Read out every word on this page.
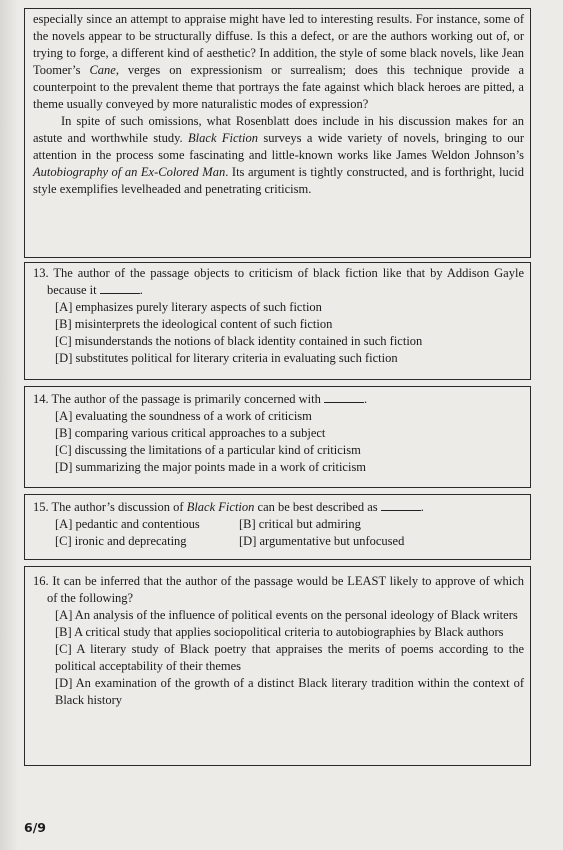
especially since an attempt to appraise might have led to interesting results. For instance, some of the novels appear to be structurally diffuse. Is this a defect, or are the authors working out of, or trying to forge, a different kind of aesthetic? In addition, the style of some black novels, like Jean Toomer’s Cane, verges on expressionism or surrealism; does this technique provide a counterpoint to the prevalent theme that portrays the fate against which black heroes are pitted, a theme usually conveyed by more naturalistic modes of expression?

In spite of such omissions, what Rosenblatt does include in his discussion makes for an astute and worthwhile study. Black Fiction surveys a wide variety of novels, bringing to our attention in the process some fascinating and little-known works like James Weldon Johnson’s Autobiography of an Ex-Colored Man. Its argument is tightly constructed, and is forthright, lucid style exemplifies levelheaded and penetrating criticism.

13. The author of the passage objects to criticism of black fiction like that by Addison Gayle because it	.

[A] emphasizes purely literary aspects of such fiction

[B] misinterprets the ideological content of such fiction

[C] misunderstands the notions of black identity contained in such fiction

[D] substitutes political for literary criteria in evaluating such fiction

14. The author of the passage is primarily concerned with	.

[A] evaluating the soundness of a work of criticism

[B] comparing various critical approaches to a subject

[C] discussing the limitations of a particular kind of criticism

[D] summarizing the major points made in a work of criticism

15. The author’s discussion of Black Fiction can be best described as	.

[A] pedantic and contentious	[B] critical but admiring
[C] ironic and deprecating	[D] argumentative but unfocused

16. It can be inferred that the author of the passage would be LEAST likely to approve of which of the following?

[A] An analysis of the influence of political events on the personal ideology of Black writers

[B] A critical study that applies sociopolitical criteria to autobiographies by Black authors

[C] A literary study of Black poetry that appraises the merits of poems according to the political acceptability of their themes

[D] An examination of the growth of a distinct Black literary tradition within the context of Black history

6/9
